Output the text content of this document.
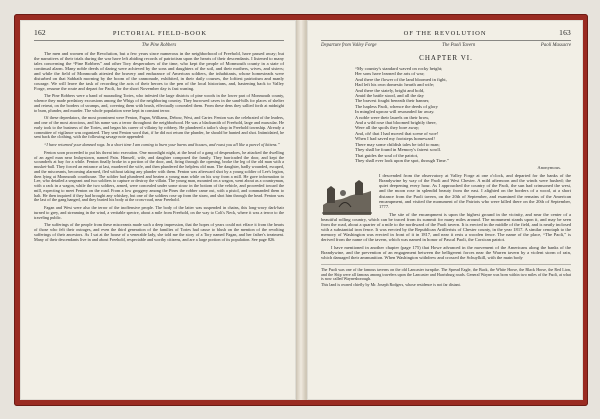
162	PICTORIAL FIELD-BOOK
The Pine Robbers

The men and women of the Revolution, but a few years since numerous in the neighborhood of Freehold, have passed away; but the narratives of their trials during the war have left abiding records of patriotism upon the hearts of their descendants. I listened to many tales concerning the “Pine Robbers” and other Tory desperadoes of the time, who kept the people of Monmouth county in a state of continual alarm. Many noble deeds of daring were achieved by the sons and daughters of the soil, and their mothers, wives, and sisters; and while the field of Monmouth attested the bravery and endurance of American soldiers, the inhabitants, whose homesteads were disturbed on that Sabbath morning by the boom of the cannonade, exhibited, in their daily courses, the loftiest patriotism and manly courage. We will leave the task of recording the acts of their heroes to the pen of the local historians, and, hastening back to Valley Forge, resume the route and depart for Paoli, for the short November day is fast waning.

The Pine Robbers were a band of marauding Tories, who infested the large districts of pine woods in the lower part of Monmouth county, whence they made predatory excursions among the Whigs of the neighboring country. They burrowed caves in the sand-hills for places of shelter and retreat, on the borders of swamps, and, covering them with brush, effectually concealed them. From these dens they sallied forth at midnight to burn, plunder, and murder. The whole population were kept in constant terror.

Of these depredators, the most prominent were Fenton, Fagan, Williams, Debow, West, and Carter. Fenton was the celebrated of the leaders, and one of the most atrocious, and his name was a terror throughout the neighborhood. He was a blacksmith of Freehold, large and muscular. He early took to the business of the Tories, and began his career of villainy by robbery. He plundered a tailor's shop in Freehold township. Already a committee of vigilance was organized. They sent Fenton word that, if he did not return the plunder, he should be hunted and shot. Intimidated, he sent back the clothing, with the following savage note appended:

“I have returned your damned rags. In a short time I am coming to burn your barns and houses, and roast you all like a parcel of kittens.”

Fenton soon proceeded to put his threat into execution. One moonlight night, at the head of a gang of desperadoes, he attacked the dwelling of an aged man near Imlaystown, named Pain. Himself, wife, and daughter composed the family. They barricaded the door, and kept the scoundrels at bay for a while. Fenton finally broke in a portion of the door, and, firing through the opening, broke the leg of the old man with a musket-ball. They forced an entrance at last, murdered the wife, and then plundered the helpless old man. The daughter, badly wounded, escaped, and the miscreants, becoming alarmed, fled without taking any plunder with them. Fenton was afterward shot by a young soldier of Lee's legion, then lying at Monmouth courthouse. The soldier had plundered and beaten a young man while on his way from a mill. He gave information to Lee, who detailed a sergeant and two soldiers to capture or destroy the villain. The young man, mounted on a wagon, went about as a countryman, with a rack in a wagon, while the two soldiers, armed, were concealed under some straw in the bottom of the vehicle, and proceeded toward the mill, expecting to meet Fenton on the road. From a low groggery among the Pines the robber came out, with a pistol, and commanded them to halt. He then inquired if they had brought any whiskey, but one of the soldiers rose up from the straw, and shot him through the head. Fenton was the last of the gang hanged, and they buried his body at the cross-road, near Freehold.

Fagan and West were also the terror of the inoffensive people. The body of the latter was suspended in chains, this long-wavy dark-hair turned to grey, and streaming in the wind, a veritable spectre, about a mile from Freehold, on the way to Colt's Neck, where it was a terror to the traveling public.

The sufferings of the people from these miscreants made such a deep impression, that the hopes of years could not efface it from the hearts of those who felt their outrages, and even the third generation of the families of Tories had cause to blush on the mention of the revolting sufferings of their ancestors. As I sat at the house of a venerable lady, she told me the story of a Tory named Fagan, and her father's treatment. Many of their descendants live in and about Freehold, respectable and worthy citizens, and are a large portion of its population. See page 826.

OF THE REVOLUTION	163
Departure from Valley Forge	The Paoli Tavern	Paoli Massacre
CHAPTER VI.
“My country's standard waved on rocky height;
Her sons have learned the arts of war;
And there the flower of the land bloomed in fight,
Had left his own domestic hearth and wife;
And there the stately, bright and bold,
Amid the battle stood, and all the day
The bravest fought beneath their banner,
The hapless Paoli, whence the deeds of glory
In mingled uproar will resounded far away.
A noble were their laurels on their brow,
And a wild rose that bloomed brightly there,
Were all the spoils they bore away;
And, oh! that I had moved that scene of woe!
When I had saved my footsteps homeward!
There may some childish tales be told to man;
They shall be found in Memory's fairest scroll.
That guides the soul of the patriot,
They shall ever look upon the spot, through Time.”
Anonymous.

I descended from the observatory at Valley Forge at one o'clock, and departed for the banks of the Brandywine by way of the Paoli and West Chester. A mild afternoon and the winds were hushed; the quiet deepening every hour. As I approached the country of the Paoli, the sun had crimsoned the west, and the moon rose in splendid beauty from the east. I alighted on the borders of a wood, at a short distance from the Paoli tavern, on the 20th of September, and examined the remains of the American encampment, and visited the monument of the Patriots who were killed there on the 20th of September, 1777.

The site of the encampment is upon the highest ground in the vicinity, and near the center of a beautiful rolling country, which can be traced from its summit for many miles around. The monument stands upon it, and may be seen from the road, about a quarter of a mile to the northward of the Paoli tavern. It is erected in the middle of the field, and is neatly inclosed with a substantial iron fence. It was erected by the Republican Artillerists of Chester county, in the year 1817. A similar cenotaph to the memory of Washington was erected in front of it in 1817, and near it rests a wooden fence. The name of the place, “The Paoli,” is derived from the name of the tavern, which was named in honor of Pascal Paoli, the Corsican patriot.

I have mentioned in another chapter (page 175) that Howe advanced in the movement of the Americans along the banks of the Brandywine, and the prevention of an engagement between the belligerent forces near the Warren tavern by a violent storm of rain, which damaged their ammunition. When Washington withdrew and crossed the Schuylkill, with the main body

The Paoli was one of the famous taverns on the old Lancaster turnpike. The Spread Eagle, the Buck, the White Horse, the Black Horse, the Red Lion, and the Ship were all famous among travelers upon the Lancaster and Harrisburg roads. General Wayne was born within two miles of the Paoli, at what is now called Waynesborough.

This land is owned chiefly by Mr. Joseph Rodgers, whose residence is not far distant.
